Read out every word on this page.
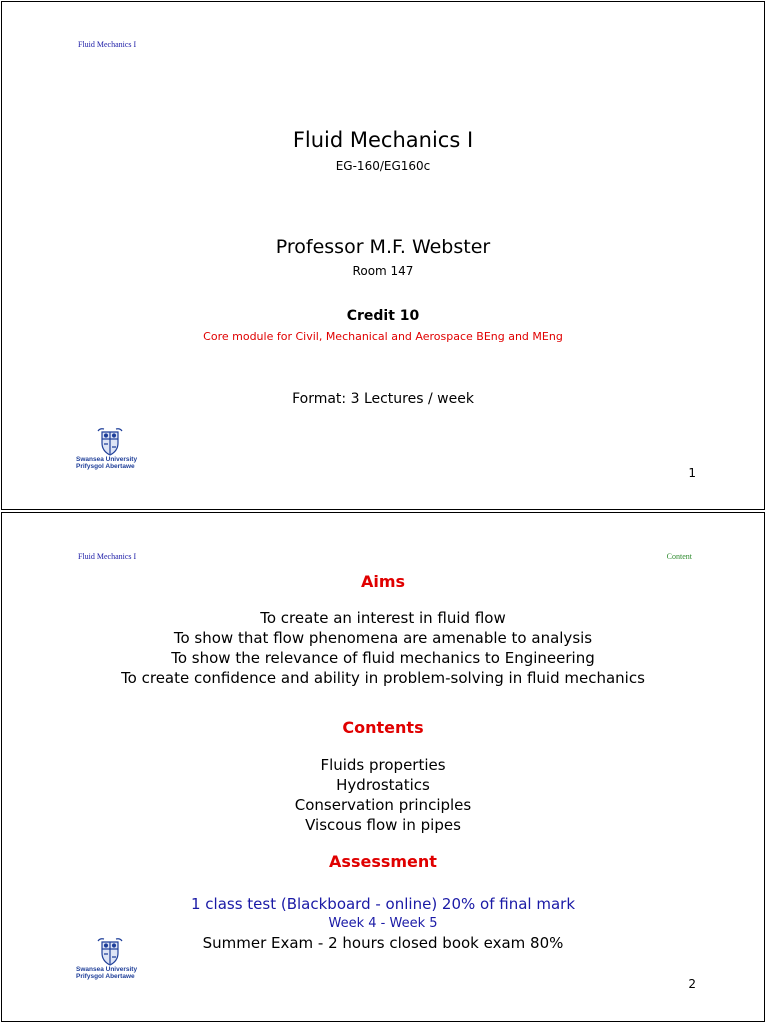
Fluid Mechanics I
Fluid Mechanics I
EG-160/EG160c
Professor M.F. Webster
Room 147
Credit 10
Core module for Civil, Mechanical and Aerospace BEng and MEng
Format: 3 Lectures / week
Swansea University
Prifysgol Abertawe	1
Fluid Mechanics I	Content
Aims
To create an interest in fluid flow
To show that flow phenomena are amenable to analysis
To show the relevance of fluid mechanics to Engineering
To create confidence and ability in problem-solving in fluid mechanics
Contents
Fluids properties
Hydrostatics
Conservation principles
Viscous flow in pipes
Assessment
1 class test (Blackboard - online) 20% of final mark
Week 4 - Week 5
Summer Exam - 2 hours closed book exam 80%
Swansea University
Prifysgol Abertawe
2
